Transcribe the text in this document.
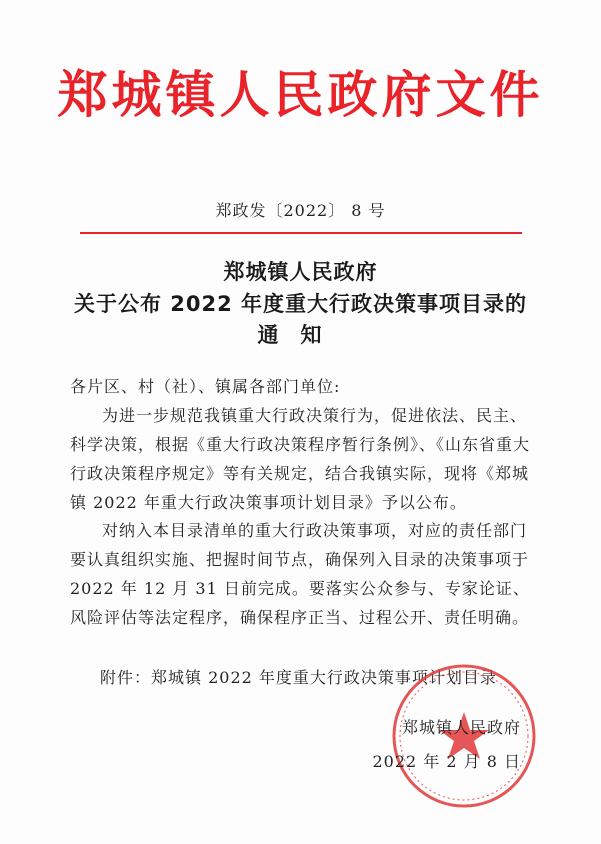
郑城镇人民政府文件
郑政发〔2022〕 8 号
郑城镇人民政府
关于公布 2022 年度重大行政决策事项目录的
通知
各片区、村（社）、镇属各部门单位:
为进一步规范我镇重大行政决策行为，促进依法、民主、科学决策，根据《重大行政决策程序暂行条例》、《山东省重大行政决策程序规定》等有关规定，结合我镇实际，现将《郑城镇 2022 年重大行政决策事项计划目录》予以公布。
对纳入本目录清单的重大行政决策事项，对应的责任部门要认真组织实施、把握时间节点，确保列入目录的决策事项于 2022 年 12 月 31 日前完成。要落实公众参与、专家论证、风险评估等法定程序，确保程序正当、过程公开、责任明确。
附件：郑城镇 2022 年度重大行政决策事项计划目录
郑城镇人民政府
2022 年 2 月 8 日
